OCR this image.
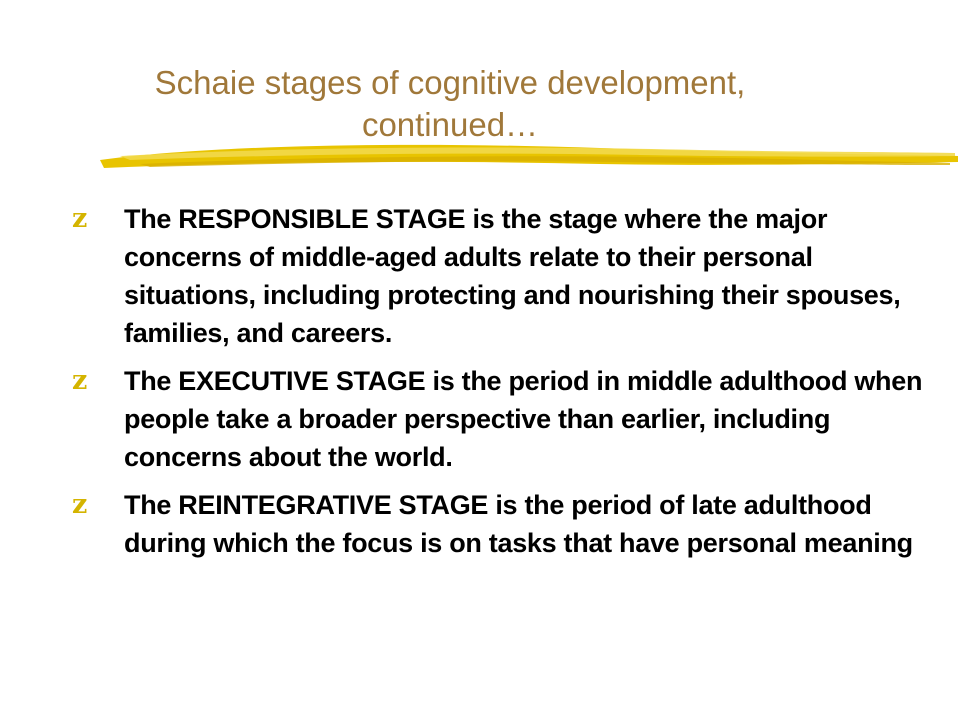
Schaie stages of cognitive development,
continued…
z	The RESPONSIBLE STAGE is the stage where the major concerns of middle-aged adults relate to their personal situations, including protecting and nourishing their spouses, families, and careers.
z	The EXECUTIVE STAGE is the period in middle adulthood when people take a broader perspective than earlier, including concerns about the world.
z	The REINTEGRATIVE STAGE is the period of late adulthood during which the focus is on tasks that have personal meaning
